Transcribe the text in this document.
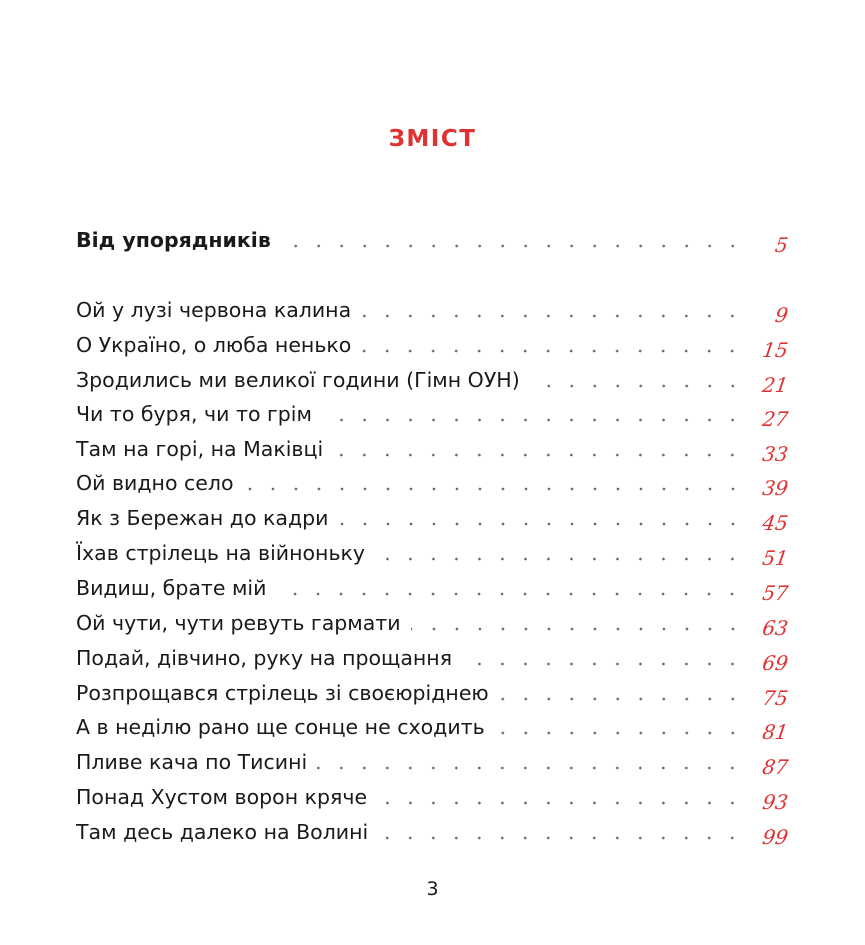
ЗМІСТ
Від упорядників	5
Ой у лузі червона калина	9
О Україно, о люба ненько	15
Зродились ми великої години (Гімн ОУН)	21
Чи то буря, чи то грім	27
Там на горі, на Маківці	33
Ой видно село	39
Як з Бережан до кадри	45
Їхав стрілець на війноньку	51
Видиш, брате мій	57
Ой чути, чути ревуть гармати	63
Подай, дівчино, руку на прощання	69
Розпрощався стрілець зі своєюріднею	75
А в неділю рано ще сонце не сходить	81
Пливе кача по Тисині	87
Понад Хустом ворон кряче	93
Там десь далеко на Волині	99
3
